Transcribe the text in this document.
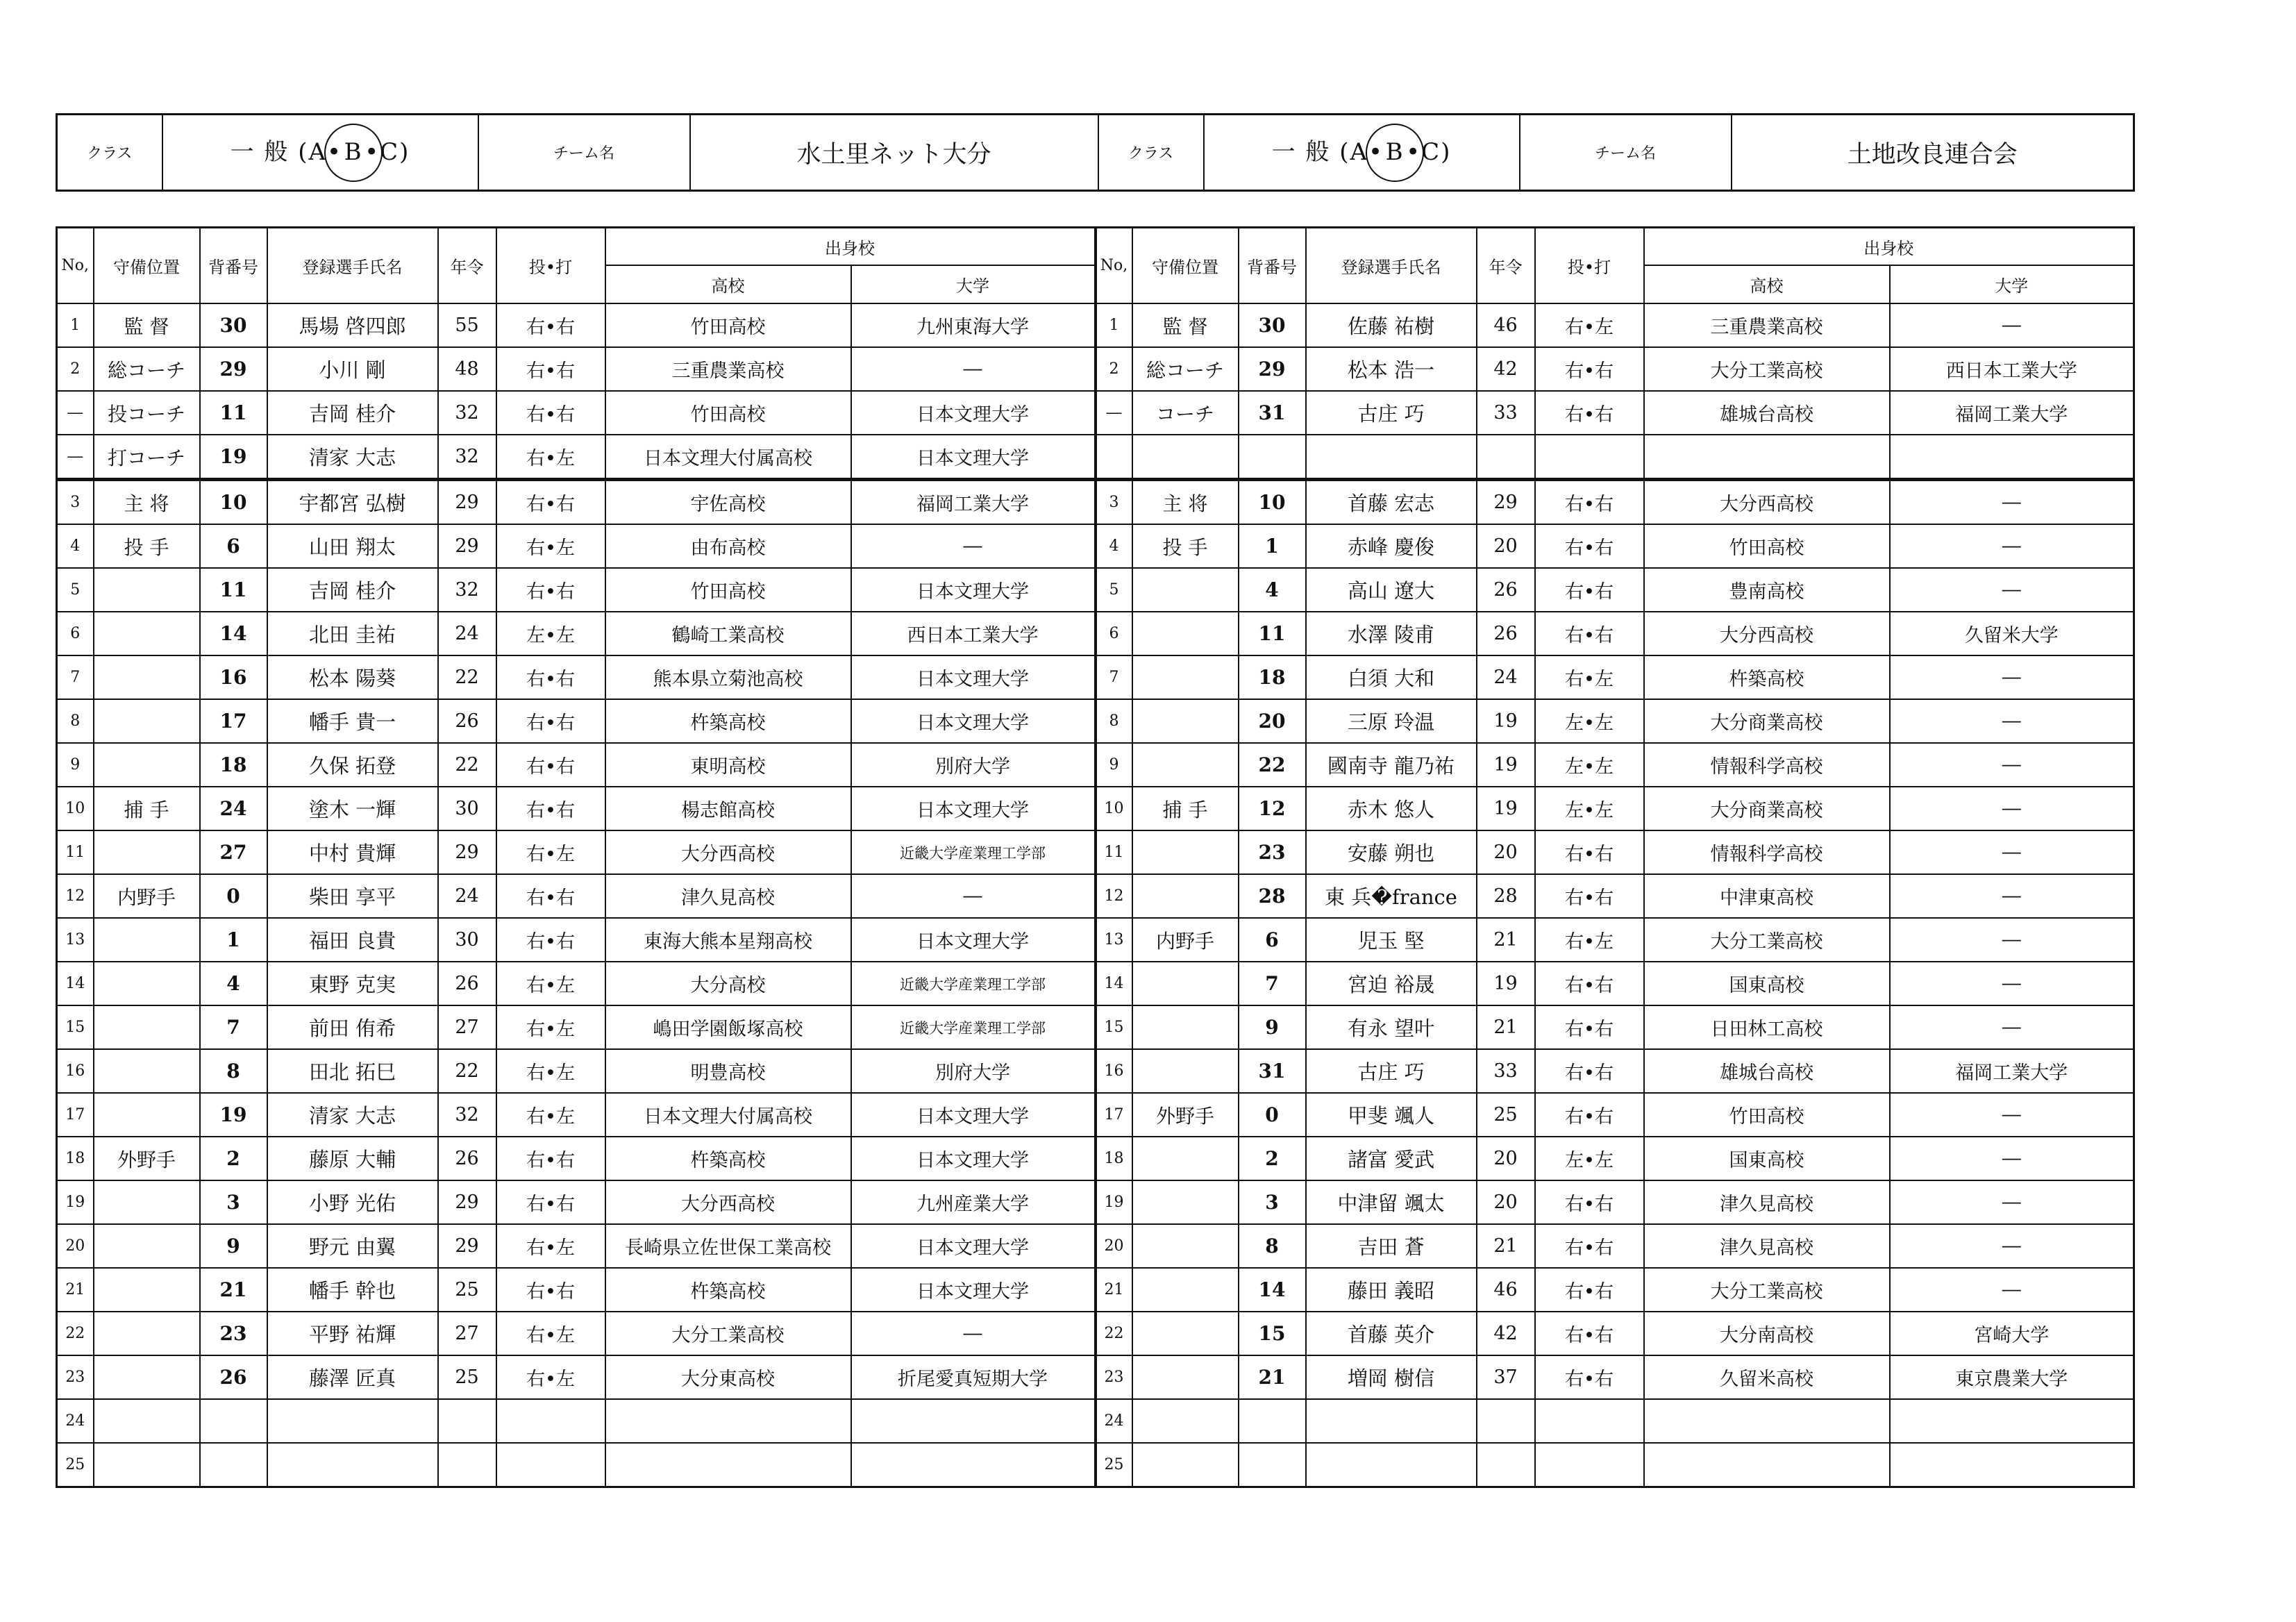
クラス	一 般 (A•B•C)	チーム名	水土里ネット大分	クラス	一 般 (A•B•C)	チーム名	土地改良連合会
No,	守備位置	背番号	登録選手氏名	年令	投•打	出身校		No,	守備位置	背番号	登録選手氏名	年令	投•打	出身校	
						高校	大学							高校	大学
1	監 督	30	馬場 啓四郎	55	右•右	竹田高校	九州東海大学	1	監 督	30	佐藤 祐樹	46	右•左	三重農業高校	―
2	総コーチ	29	小川 剛	48	右•右	三重農業高校	―	2	総コーチ	29	松本 浩一	42	右•右	大分工業高校	西日本工業大学
―	投コーチ	11	吉岡 桂介	32	右•右	竹田高校	日本文理大学	―	コーチ	31	古庄 巧	33	右•右	雄城台高校	福岡工業大学
―	打コーチ	19	清家 大志	32	右•左	日本文理大付属高校	日本文理大学								
3	主 将	10	宇都宮 弘樹	29	右•右	宇佐高校	福岡工業大学	3	主 将	10	首藤 宏志	29	右•右	大分西高校	―
4	投 手	6	山田 翔太	29	右•左	由布高校	―	4	投 手	1	赤峰 慶俊	20	右•右	竹田高校	―
5		11	吉岡 桂介	32	右•右	竹田高校	日本文理大学	5		4	高山 遼大	26	右•右	豊南高校	―
6		14	北田 圭祐	24	左•左	鶴崎工業高校	西日本工業大学	6		11	水澤 陵甫	26	右•右	大分西高校	久留米大学
7		16	松本 陽葵	22	右•右	熊本県立菊池高校	日本文理大学	7		18	白須 大和	24	右•左	杵築高校	―
8		17	幡手 貴一	26	右•右	杵築高校	日本文理大学	8		20	三原 玲温	19	左•左	大分商業高校	―
9		18	久保 拓登	22	右•右	東明高校	別府大学	9		22	國南寺 龍乃祐	19	左•左	情報科学高校	―
10	捕 手	24	塗木 一輝	30	右•右	楊志館高校	日本文理大学	10	捕 手	12	赤木 悠人	19	左•左	大分商業高校	―
11		27	中村 貴輝	29	右•左	大分西高校	近畿大学産業理工学部	11		23	安藤 朔也	20	右•右	情報科学高校	―
12	内野手	0	柴田 享平	24	右•右	津久見高校	―	12		28	東 兵�france	28	右•右	中津東高校	―
13		1	福田 良貴	30	右•右	東海大熊本星翔高校	日本文理大学	13	内野手	6	児玉 堅	21	右•左	大分工業高校	―
14		4	東野 克実	26	右•左	大分高校	近畿大学産業理工学部	14		7	宮迫 裕晟	19	右•右	国東高校	―
15		7	前田 侑希	27	右•左	嶋田学園飯塚高校	近畿大学産業理工学部	15		9	有永 望叶	21	右•右	日田林工高校	―
16		8	田北 拓巳	22	右•左	明豊高校	別府大学	16		31	古庄 巧	33	右•右	雄城台高校	福岡工業大学
17		19	清家 大志	32	右•左	日本文理大付属高校	日本文理大学	17	外野手	0	甲斐 颯人	25	右•右	竹田高校	―
18	外野手	2	藤原 大輔	26	右•右	杵築高校	日本文理大学	18		2	諸富 愛武	20	左•左	国東高校	―
19		3	小野 光佑	29	右•右	大分西高校	九州産業大学	19		3	中津留 颯太	20	右•右	津久見高校	―
20		9	野元 由翼	29	右•左	長崎県立佐世保工業高校	日本文理大学	20		8	吉田 蒼	21	右•右	津久見高校	―
21		21	幡手 幹也	25	右•右	杵築高校	日本文理大学	21		14	藤田 義昭	46	右•右	大分工業高校	―
22		23	平野 祐輝	27	右•左	大分工業高校	―	22		15	首藤 英介	42	右•右	大分南高校	宮崎大学
23		26	藤澤 匠真	25	右•左	大分東高校	折尾愛真短期大学	23		21	増岡 樹信	37	右•右	久留米高校	東京農業大学
24								24							
25								25							
